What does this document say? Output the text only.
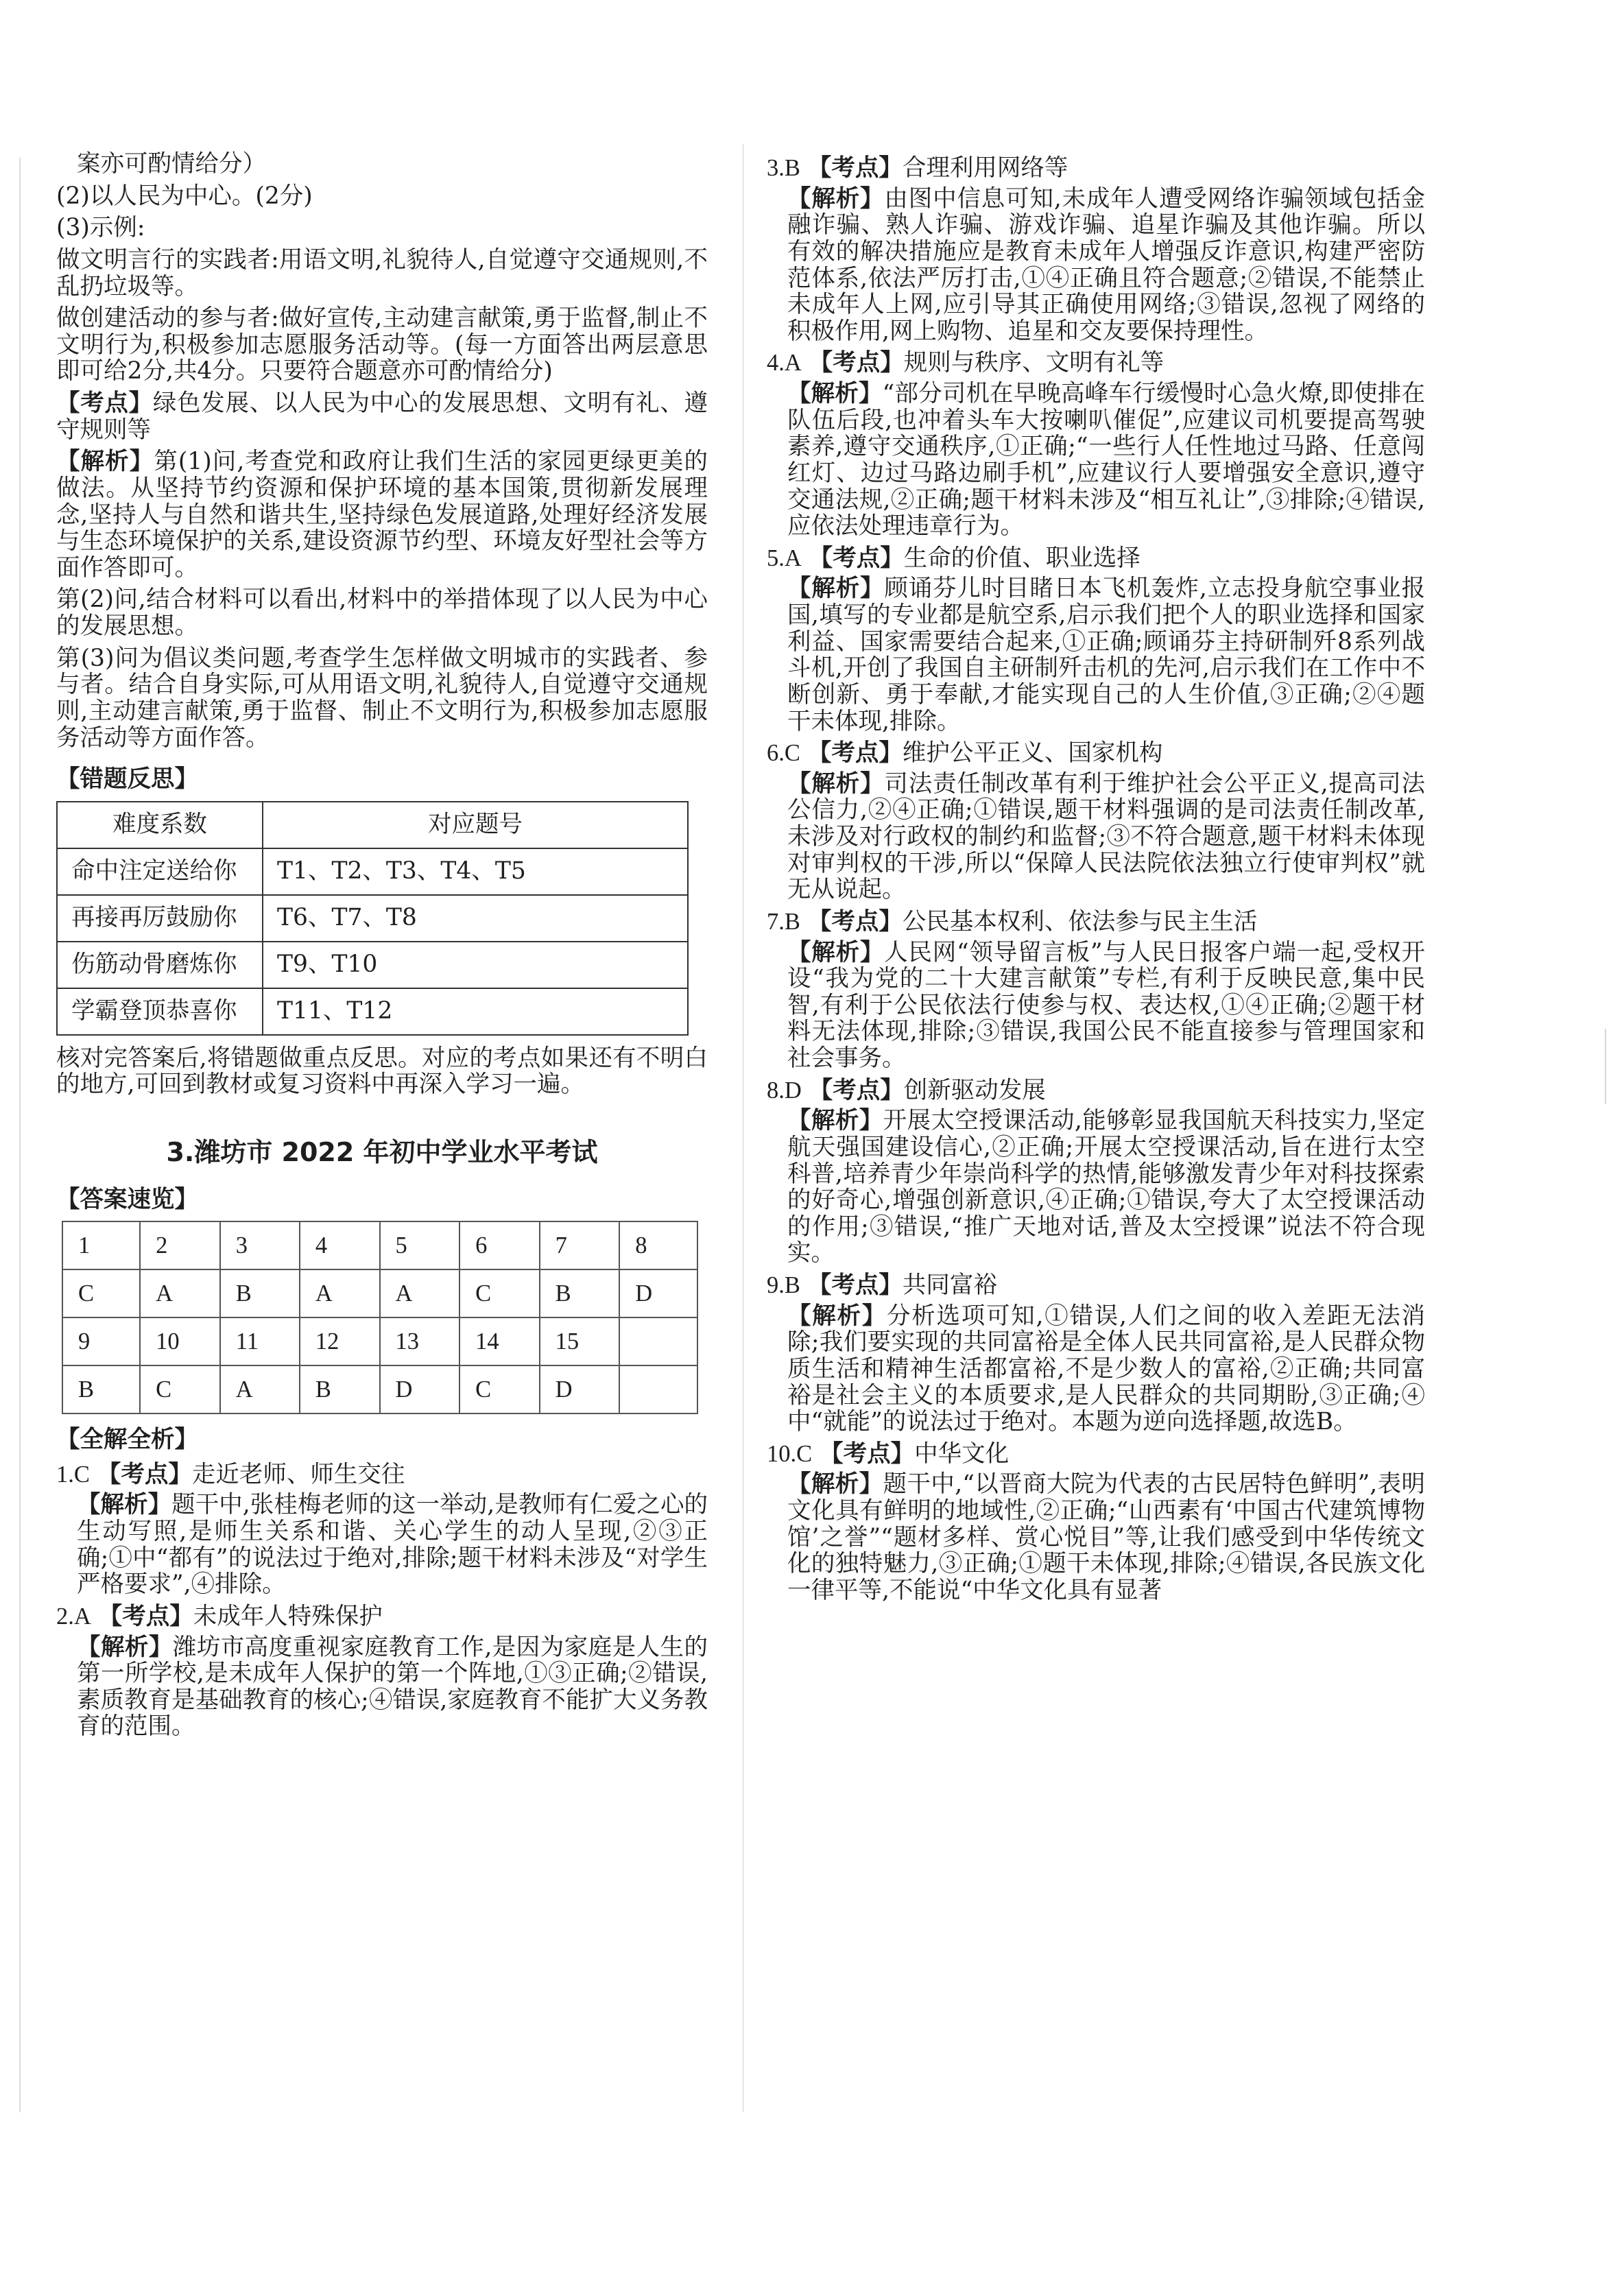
案亦可酌情给分）

(2)以人民为中心。(2分)

(3)示例:

做文明言行的实践者:用语文明,礼貌待人,自觉遵守交通规则,不乱扔垃圾等。

做创建活动的参与者:做好宣传,主动建言献策,勇于监督,制止不文明行为,积极参加志愿服务活动等。(每一方面答出两层意思即可给2分,共4分。只要符合题意亦可酌情给分)

【考点】绿色发展、以人民为中心的发展思想、文明有礼、遵守规则等

【解析】第(1)问,考查党和政府让我们生活的家园更绿更美的做法。从坚持节约资源和保护环境的基本国策,贯彻新发展理念,坚持人与自然和谐共生,坚持绿色发展道路,处理好经济发展与生态环境保护的关系,建设资源节约型、环境友好型社会等方面作答即可。

第(2)问,结合材料可以看出,材料中的举措体现了以人民为中心的发展思想。

第(3)问为倡议类问题,考查学生怎样做文明城市的实践者、参与者。结合自身实际,可从用语文明,礼貌待人,自觉遵守交通规则,主动建言献策,勇于监督、制止不文明行为,积极参加志愿服务活动等方面作答。

【错题反思】
难度系数	对应题号
命中注定送给你	T1、T2、T3、T4、T5
再接再厉鼓励你	T6、T7、T8
伤筋动骨磨炼你	T9、T10
学霸登顶恭喜你	T11、T12

核对完答案后,将错题做重点反思。对应的考点如果还有不明白的地方,可回到教材或复习资料中再深入学习一遍。

3.潍坊市 2022 年初中学业水平考试
【答案速览】
1	2	3	4	5	6	7	8
C	A	B	A	A	C	B	D
9	10	11	12	13	14	15	
B	C	A	B	D	C	D	
【全解全析】

1.C 【考点】走近老师、师生交往

【解析】题干中,张桂梅老师的这一举动,是教师有仁爱之心的生动写照,是师生关系和谐、关心学生的动人呈现,②③正确;①中“都有”的说法过于绝对,排除;题干材料未涉及“对学生严格要求”,④排除。

2.A 【考点】未成年人特殊保护

【解析】潍坊市高度重视家庭教育工作,是因为家庭是人生的第一所学校,是未成年人保护的第一个阵地,①③正确;②错误,素质教育是基础教育的核心;④错误,家庭教育不能扩大义务教育的范围。

3.B 【考点】合理利用网络等

【解析】由图中信息可知,未成年人遭受网络诈骗领域包括金融诈骗、熟人诈骗、游戏诈骗、追星诈骗及其他诈骗。所以有效的解决措施应是教育未成年人增强反诈意识,构建严密防范体系,依法严厉打击,①④正确且符合题意;②错误,不能禁止未成年人上网,应引导其正确使用网络;③错误,忽视了网络的积极作用,网上购物、追星和交友要保持理性。

4.A 【考点】规则与秩序、文明有礼等

【解析】“部分司机在早晚高峰车行缓慢时心急火燎,即使排在队伍后段,也冲着头车大按喇叭催促”,应建议司机要提高驾驶素养,遵守交通秩序,①正确;“一些行人任性地过马路、任意闯红灯、边过马路边刷手机”,应建议行人要增强安全意识,遵守交通法规,②正确;题干材料未涉及“相互礼让”,③排除;④错误,应依法处理违章行为。

5.A 【考点】生命的价值、职业选择

【解析】顾诵芬儿时目睹日本飞机轰炸,立志投身航空事业报国,填写的专业都是航空系,启示我们把个人的职业选择和国家利益、国家需要结合起来,①正确;顾诵芬主持研制歼8系列战斗机,开创了我国自主研制歼击机的先河,启示我们在工作中不断创新、勇于奉献,才能实现自己的人生价值,③正确;②④题干未体现,排除。

6.C 【考点】维护公平正义、国家机构

【解析】司法责任制改革有利于维护社会公平正义,提高司法公信力,②④正确;①错误,题干材料强调的是司法责任制改革,未涉及对行政权的制约和监督;③不符合题意,题干材料未体现对审判权的干涉,所以“保障人民法院依法独立行使审判权”就无从说起。

7.B 【考点】公民基本权利、依法参与民主生活

【解析】人民网“领导留言板”与人民日报客户端一起,受权开设“我为党的二十大建言献策”专栏,有利于反映民意,集中民智,有利于公民依法行使参与权、表达权,①④正确;②题干材料无法体现,排除;③错误,我国公民不能直接参与管理国家和社会事务。

8.D 【考点】创新驱动发展

【解析】开展太空授课活动,能够彰显我国航天科技实力,坚定航天强国建设信心,②正确;开展太空授课活动,旨在进行太空科普,培养青少年崇尚科学的热情,能够激发青少年对科技探索的好奇心,增强创新意识,④正确;①错误,夸大了太空授课活动的作用;③错误,“推广天地对话,普及太空授课”说法不符合现实。

9.B 【考点】共同富裕

【解析】分析选项可知,①错误,人们之间的收入差距无法消除;我们要实现的共同富裕是全体人民共同富裕,是人民群众物质生活和精神生活都富裕,不是少数人的富裕,②正确;共同富裕是社会主义的本质要求,是人民群众的共同期盼,③正确;④中“就能”的说法过于绝对。本题为逆向选择题,故选B。

10.C 【考点】中华文化

【解析】题干中,“以晋商大院为代表的古民居特色鲜明”,表明文化具有鲜明的地域性,②正确;“山西素有‘中国古代建筑博物馆’之誉”“题材多样、赏心悦目”等,让我们感受到中华传统文化的独特魅力,③正确;①题干未体现,排除;④错误,各民族文化一律平等,不能说“中华文化具有显著
